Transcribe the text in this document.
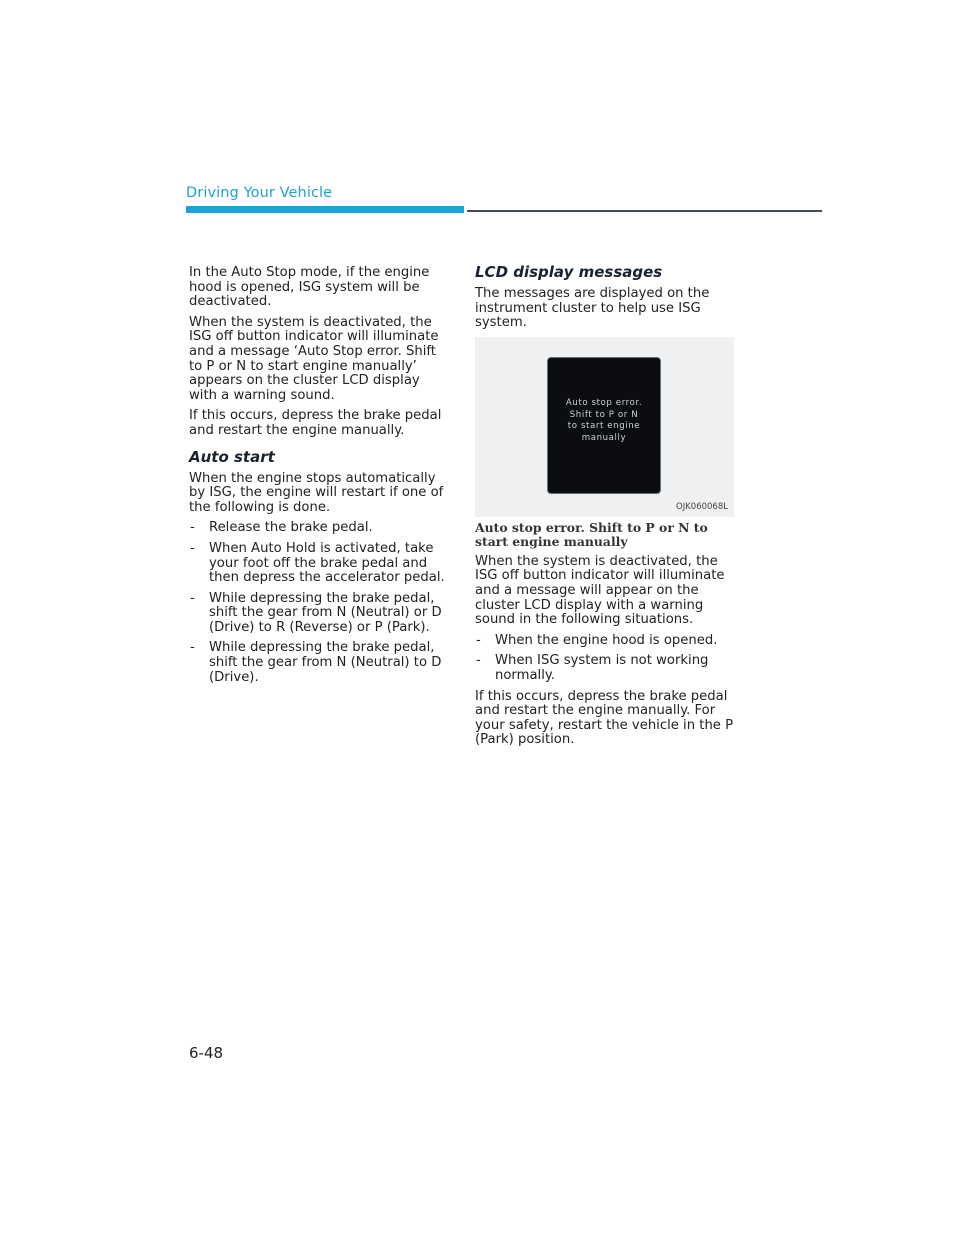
Driving Your Vehicle

In the Auto Stop mode, if the engine hood is opened, ISG system will be deactivated.

When the system is deactivated, the ISG off button indicator will illuminate and a message ‘Auto Stop error. Shift to P or N to start engine manually’ appears on the cluster LCD display with a warning sound.

If this occurs, depress the brake pedal and restart the engine manually.

Auto start

When the engine stops automatically by ISG, the engine will restart if one of the following is done.

- Release the brake pedal.
- When Auto Hold is activated, take your foot off the brake pedal and then depress the accelerator pedal.
- While depressing the brake pedal, shift the gear from N (Neutral) or D (Drive) to R (Reverse) or P (Park).
- While depressing the brake pedal, shift the gear from N (Neutral) to D (Drive).
LCD display messages

The messages are displayed on the instrument cluster to help use ISG system.

Auto stop error.
Shift to P or N
to start engine
manually
OJK060068L
Auto stop error. Shift to P or N to start engine manually

When the system is deactivated, the ISG off button indicator will illuminate and a message will appear on the cluster LCD display with a warning sound in the following situations.

- When the engine hood is opened.
- When ISG system is not working normally.

If this occurs, depress the brake pedal and restart the engine manually. For your safety, restart the vehicle in the P (Park) position.

6-48
